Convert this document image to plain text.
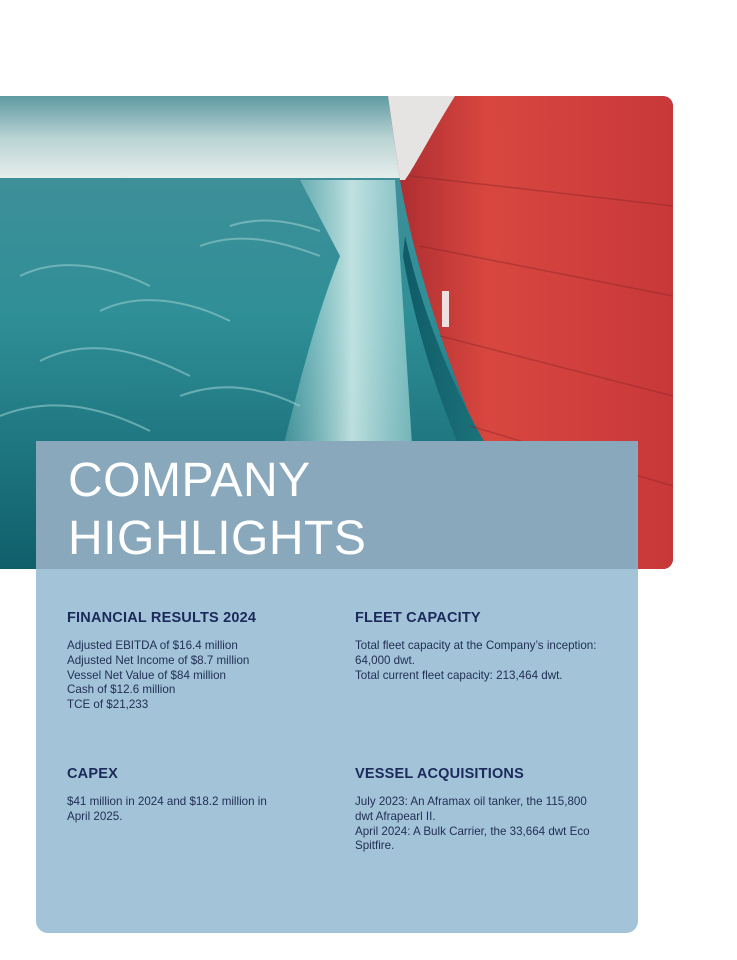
COMPANY
HIGHLIGHTS
FINANCIAL RESULTS 2024
Adjusted EBITDA of $16.4 million
Adjusted Net Income of $8.7 million
Vessel Net Value of $84 million
Cash of $12.6 million
TCE of $21,233
FLEET CAPACITY
Total fleet capacity at the Company’s inception:
64,000 dwt.
Total current fleet capacity: 213,464 dwt.
CAPEX
$41 million in 2024 and $18.2 million in
April 2025.
VESSEL ACQUISITIONS
July 2023: An Aframax oil tanker, the 115,800
dwt Afrapearl II.
April 2024: A Bulk Carrier, the 33,664 dwt Eco
Spitfire.
